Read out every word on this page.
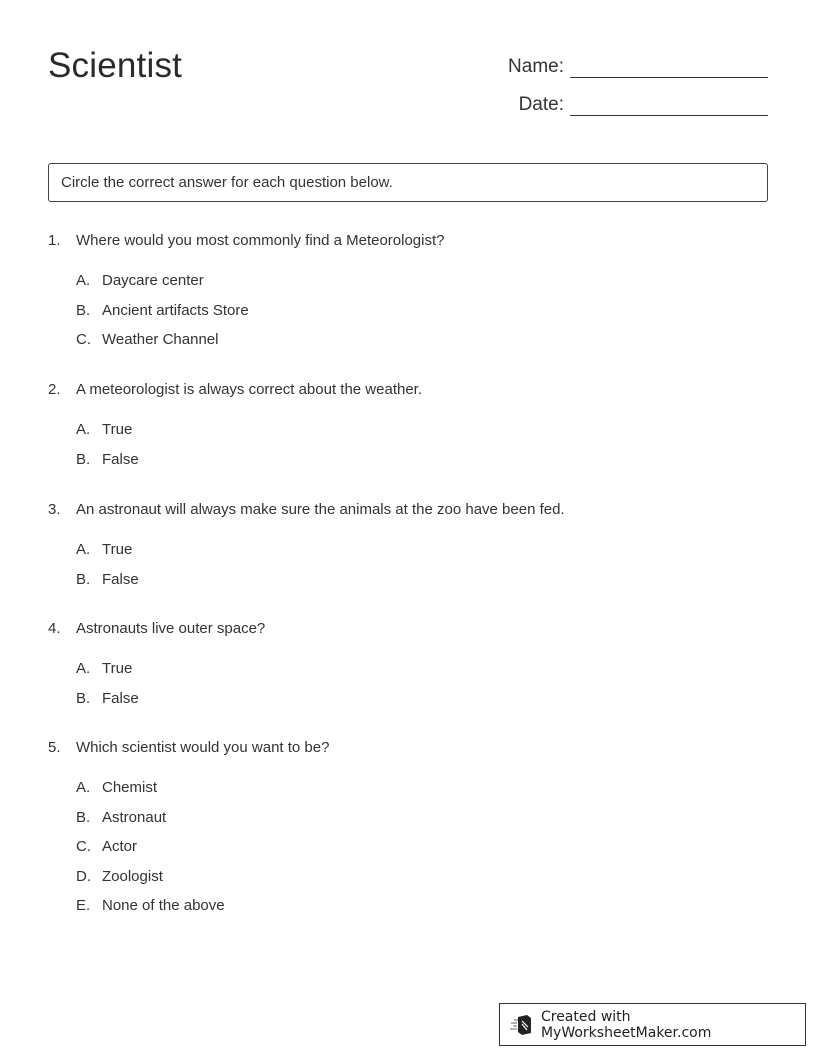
Scientist	Name:
Date:
Circle the correct answer for each question below.
1.	Where would you most commonly find a Meteorologist?
A. Daycare center
B. Ancient artifacts Store
C. Weather Channel
2.	A meteorologist is always correct about the weather.
A. True
B. False
3.	An astronaut will always make sure the animals at the zoo have been fed.
A. True
B. False
4.	Astronauts live outer space?
A. True
B. False
5.	Which scientist would you want to be?
A. Chemist
B. Astronaut
C. Actor
D. Zoologist
E. None of the above
Created with MyWorksheetMaker.com
